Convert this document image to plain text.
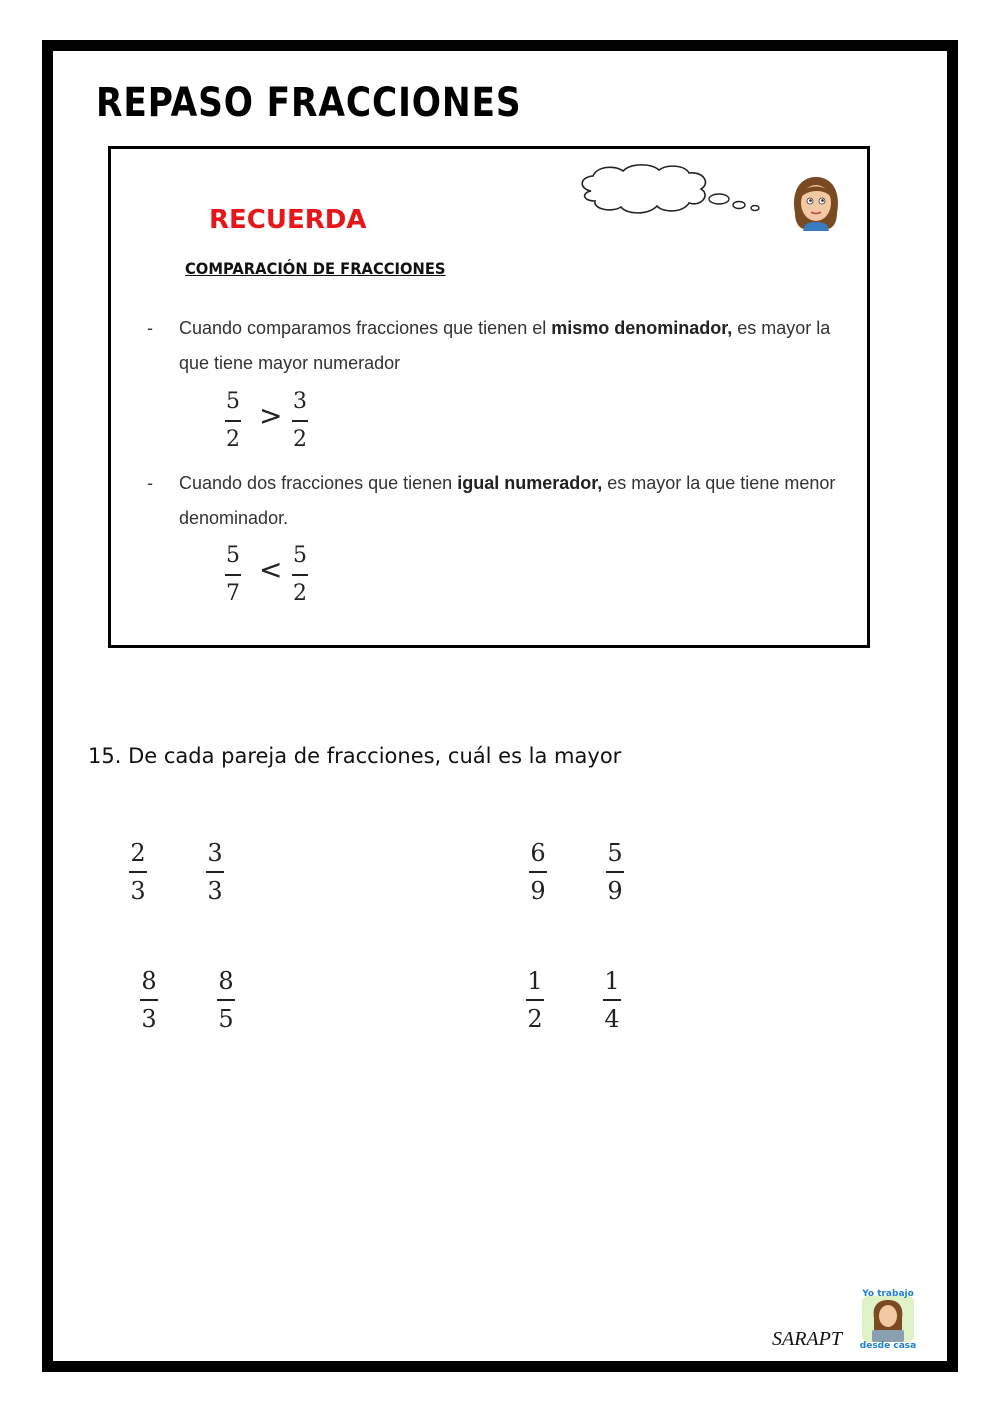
REPASO FRACCIONES
RECUERDA
COMPARACIÓN DE FRACCIONES
- Cuando comparamos fracciones que tienen el mismo denominador, es mayor la que tiene mayor numerador
5
2
> 3
2
- Cuando dos fracciones que tienen igual numerador, es mayor la que tiene menor denominador.
5
7
< 5
2
15. De cada pareja de fracciones, cuál es la mayor
2
3
3
3
6
9
5
9
8
3
8
5
1
2
1
4
SARAPT
Yo trabajo
desde casa
